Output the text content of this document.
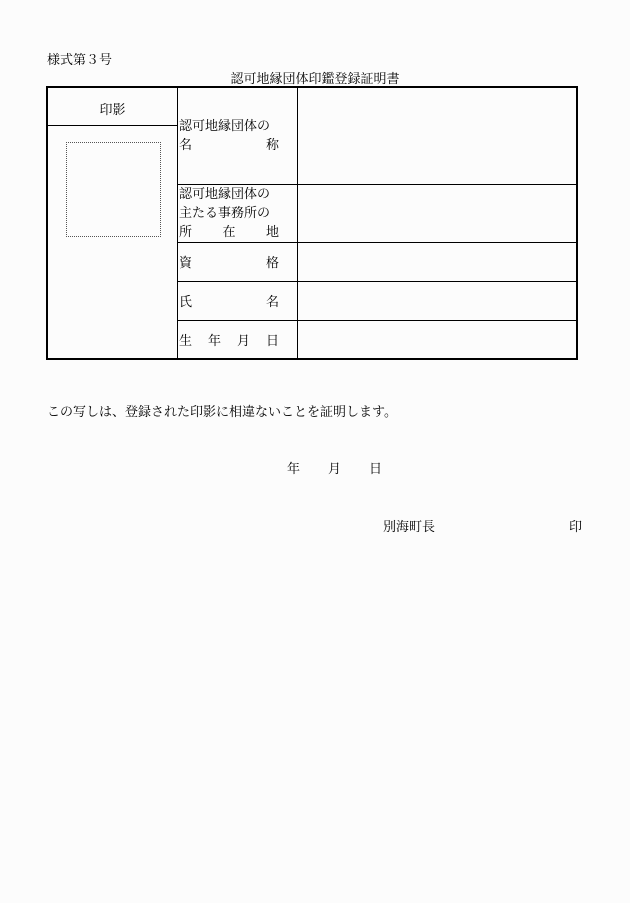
様式第３号
認可地縁団体印鑑登録証明書
印影
認可地縁団体の
名	称
認可地縁団体の
主たる事務所の
所 在 地
資	格
氏	名
生 年 月 日
この写しは、登録された印影に相違ないことを証明します。
年 月 日
別海町長	印
